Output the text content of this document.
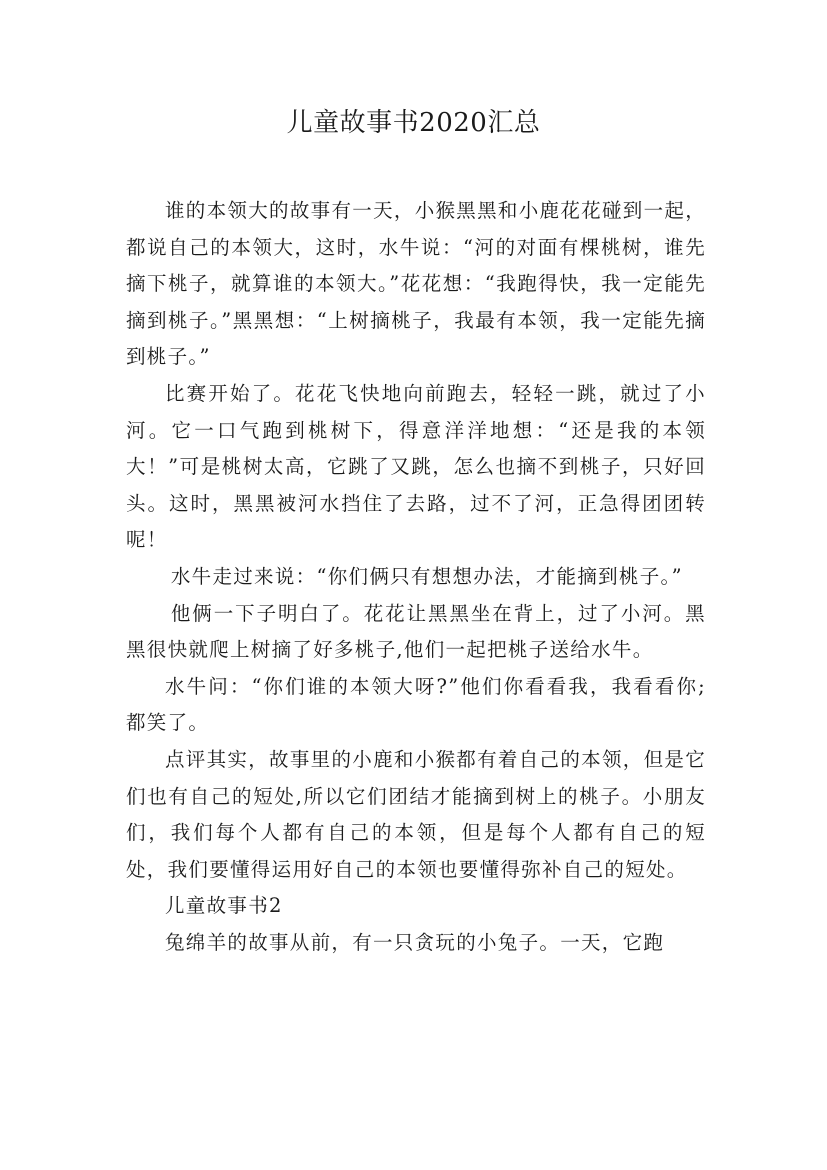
儿童故事书2020汇总

谁的本领大的故事有一天，小猴黑黑和小鹿花花碰到一起，都说自己的本领大，这时，水牛说：“河的对面有棵桃树，谁先摘下桃子，就算谁的本领大。”花花想：“我跑得快，我一定能先摘到桃子。”黑黑想：“上树摘桃子，我最有本领，我一定能先摘到桃子。”

比赛开始了。花花飞快地向前跑去，轻轻一跳，就过了小河。它一口气跑到桃树下，得意洋洋地想：“还是我的本领大！”可是桃树太高，它跳了又跳，怎么也摘不到桃子，只好回头。这时，黑黑被河水挡住了去路，过不了河，正急得团团转呢！

水牛走过来说：“你们俩只有想想办法，才能摘到桃子。”

他俩一下子明白了。花花让黑黑坐在背上，过了小河。黑黑很快就爬上树摘了好多桃子,他们一起把桃子送给水牛。

水牛问：“你们谁的本领大呀?”他们你看看我，我看看你;都笑了。

点评其实，故事里的小鹿和小猴都有着自己的本领，但是它们也有自己的短处,所以它们团结才能摘到树上的桃子。小朋友们，我们每个人都有自己的本领，但是每个人都有自己的短处，我们要懂得运用好自己的本领也要懂得弥补自己的短处。

儿童故事书2

兔绵羊的故事从前，有一只贪玩的小兔子。一天，它跑
